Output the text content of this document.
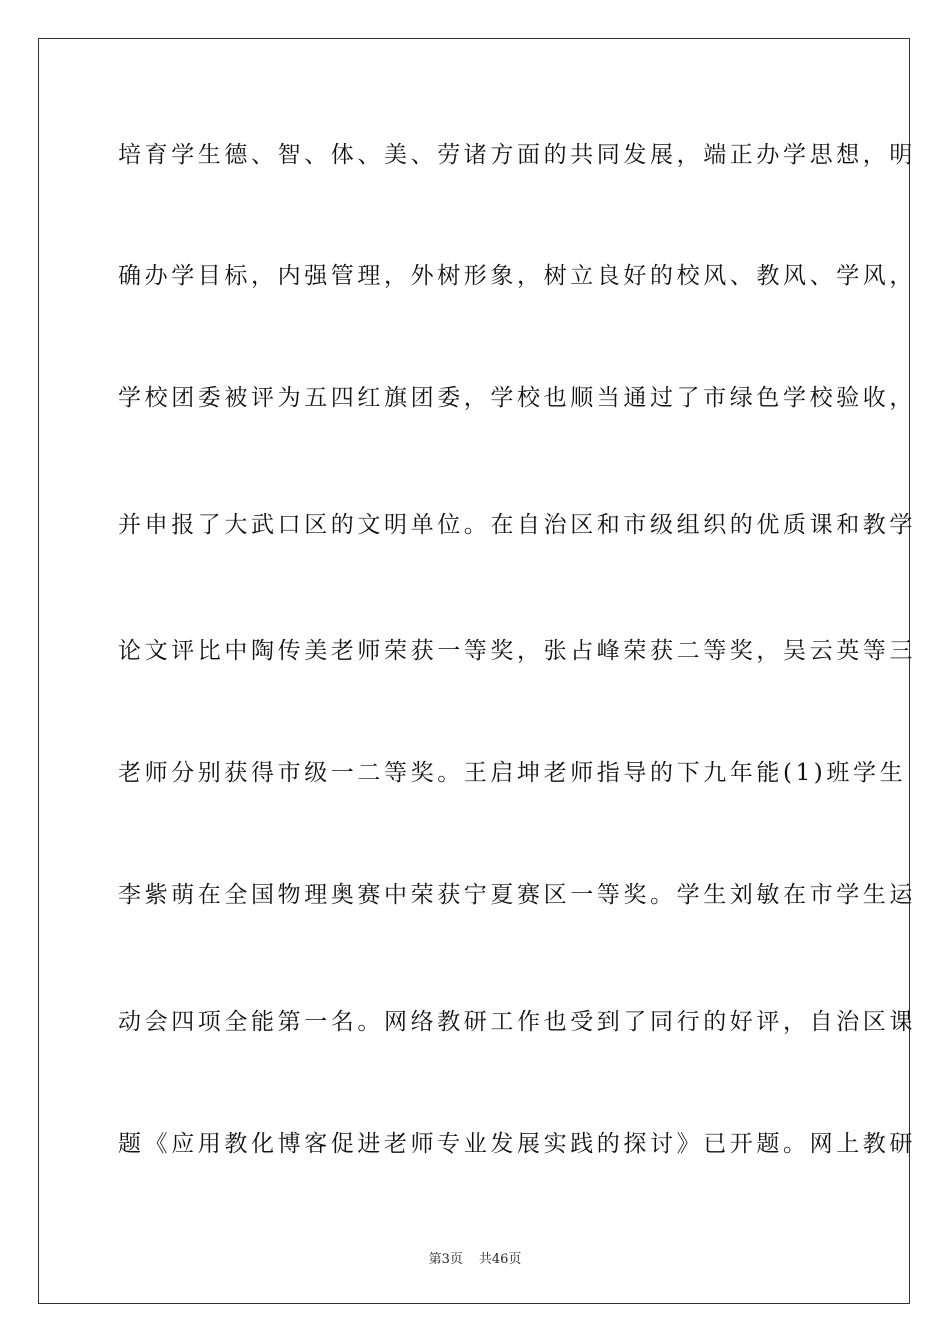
培育学生德、智、体、美、劳诸方面的共同发展，端正办学思想，明
确办学目标，内强管理，外树形象，树立良好的校风、教风、学风，
学校团委被评为五四红旗团委，学校也顺当通过了市绿色学校验收，
并申报了大武口区的文明单位。在自治区和市级组织的优质课和教学
论文评比中陶传美老师荣获一等奖，张占峰荣获二等奖，吴云英等三
老师分别获得市级一二等奖。王启坤老师指导的下九年能(1)班学生
李紫萌在全国物理奥赛中荣获宁夏赛区一等奖。学生刘敏在市学生运
动会四项全能第一名。网络教研工作也受到了同行的好评，自治区课
题《应用教化博客促进老师专业发展实践的探讨》已开题。网上教研
第3页 共46页
